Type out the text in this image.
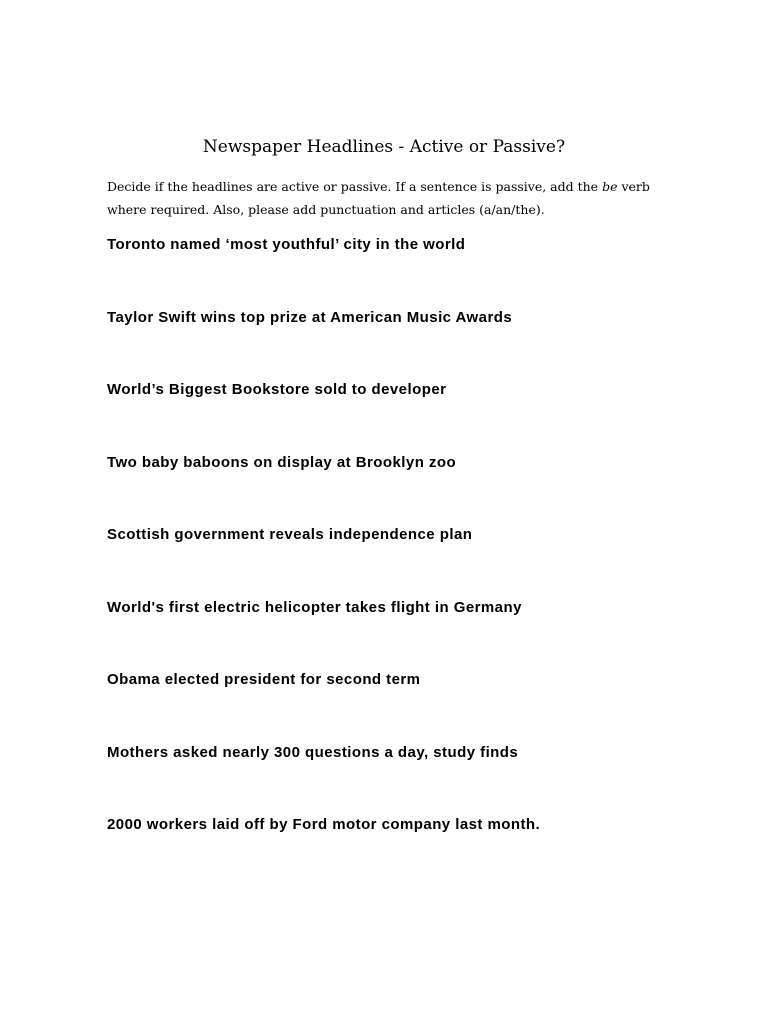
Newspaper Headlines - Active or Passive?
Decide if the headlines are active or passive. If a sentence is passive, add the be verb
where required. Also, please add punctuation and articles (a/an/the).
Toronto named ‘most youthful’ city in the world
Taylor Swift wins top prize at American Music Awards
World’s Biggest Bookstore sold to developer
Two baby baboons on display at Brooklyn zoo
Scottish government reveals independence plan
World's first electric helicopter takes flight in Germany
Obama elected president for second term
Mothers asked nearly 300 questions a day, study finds
2000 workers laid off by Ford motor company last month.
